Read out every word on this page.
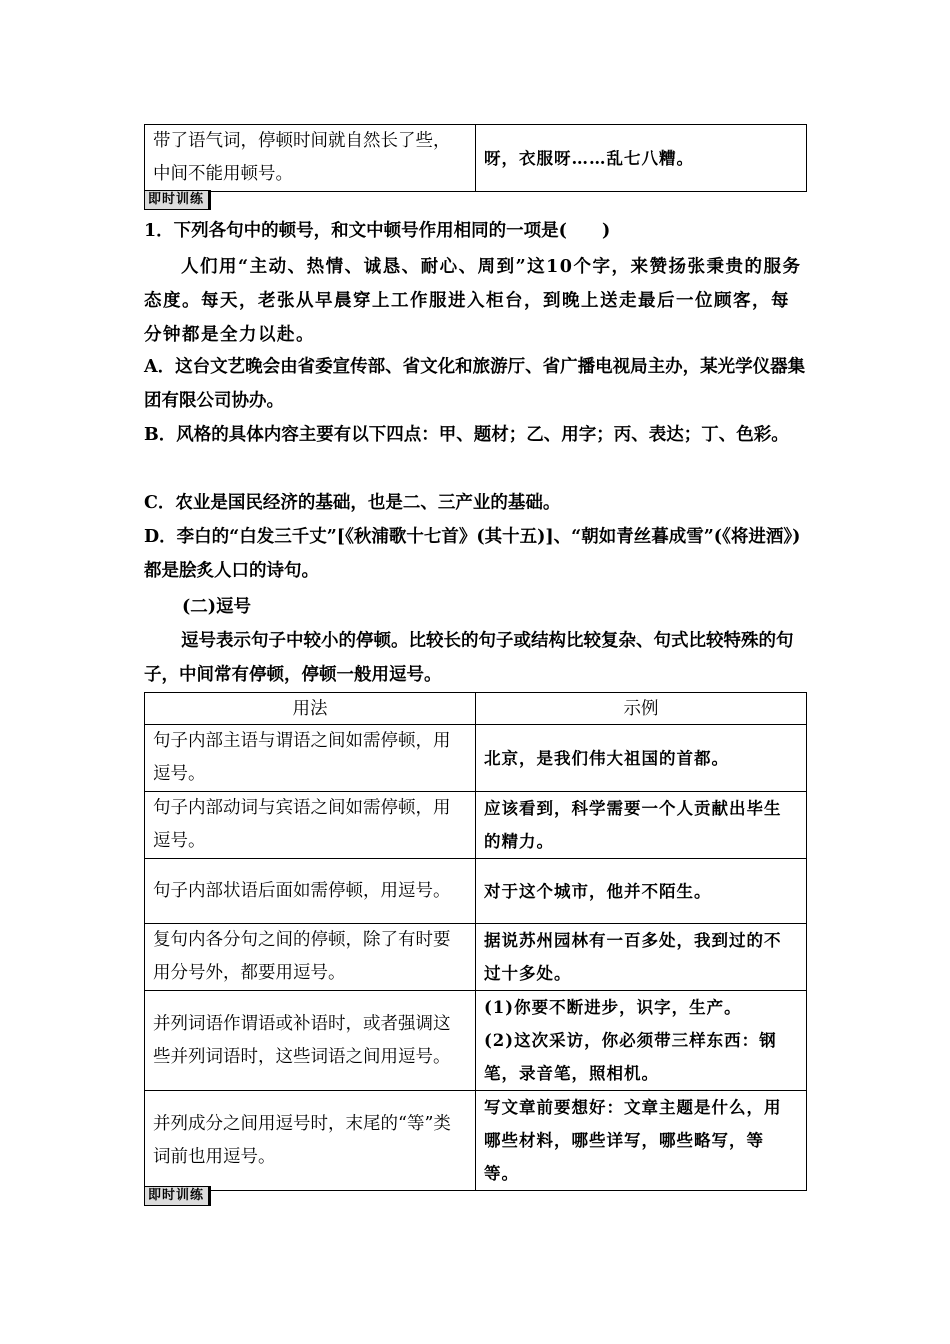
带了语气词，停顿时间就自然长了些，中间不能用顿号。	呀，衣服呀……乱七八糟。
即时训练

1．下列各句中的顿号，和文中顿号作用相同的一项是(　　)

人们用“主动、热情、诚恳、耐心、周到”这10个字，来赞扬张秉贵的服务态度。每天，老张从早晨穿上工作服进入柜台，到晚上送走最后一位顾客，每分钟都是全力以赴。

A．这台文艺晚会由省委宣传部、省文化和旅游厅、省广播电视局主办，某光学仪器集团有限公司协办。

B．风格的具体内容主要有以下四点：甲、题材；乙、用字；丙、表达；丁、色彩。

C．农业是国民经济的基础，也是二、三产业的基础。

D．李白的“白发三千丈”[《秋浦歌十七首》(其十五)]、“朝如青丝暮成雪”(《将进酒》)都是脍炙人口的诗句。

(二)逗号

逗号表示句子中较小的停顿。比较长的句子或结构比较复杂、句式比较特殊的句子，中间常有停顿，停顿一般用逗号。

用法	示例
句子内部主语与谓语之间如需停顿，用逗号。	北京，是我们伟大祖国的首都。
句子内部动词与宾语之间如需停顿，用逗号。	应该看到，科学需要一个人贡献出毕生的精力。
句子内部状语后面如需停顿，用逗号。	对于这个城市，他并不陌生。
复句内各分句之间的停顿，除了有时要用分号外，都要用逗号。	据说苏州园林有一百多处，我到过的不过十多处。
并列词语作谓语或补语时，或者强调这些并列词语时，这些词语之间用逗号。	(1)你要不断进步，识字，生产。
(2)这次采访，你必须带三样东西：钢笔，录音笔，照相机。

并列成分之间用逗号时，末尾的“等”类词前也用逗号。	写文章前要想好：文章主题是什么，用哪些材料，哪些详写，哪些略写，等等。
即时训练
